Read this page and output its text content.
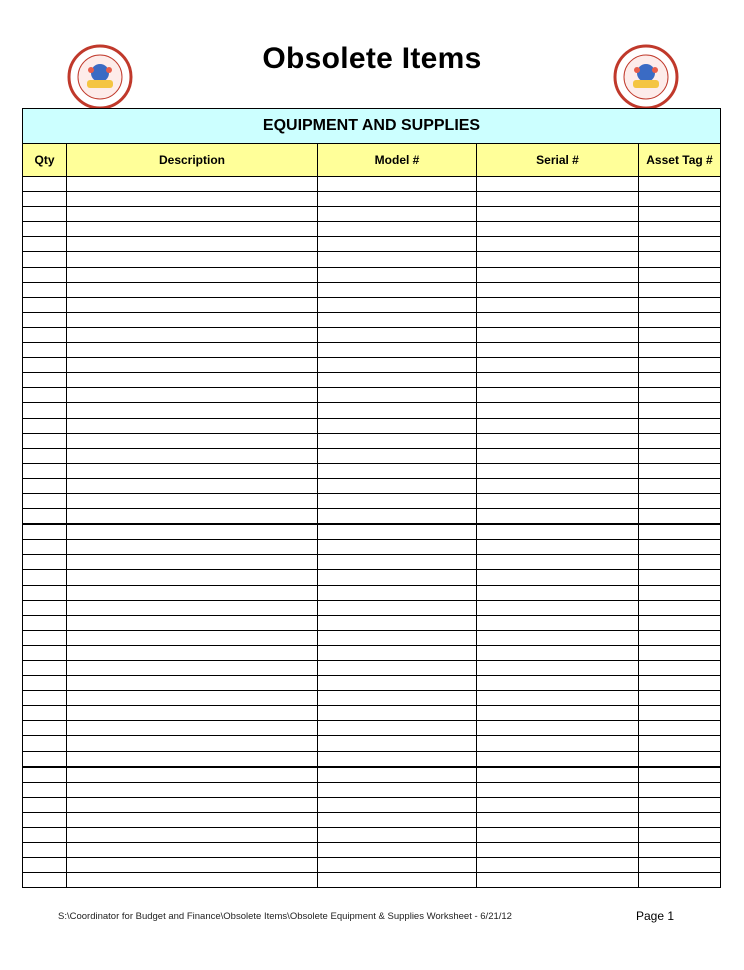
Obsolete Items
EQUIPMENT AND SUPPLIES				
Qty	Description	Model #	Serial #	Asset Tag #

S:\Coordinator for Budget and Finance\Obsolete Items\Obsolete Equipment & Supplies Worksheet - 6/21/12	Page 1
